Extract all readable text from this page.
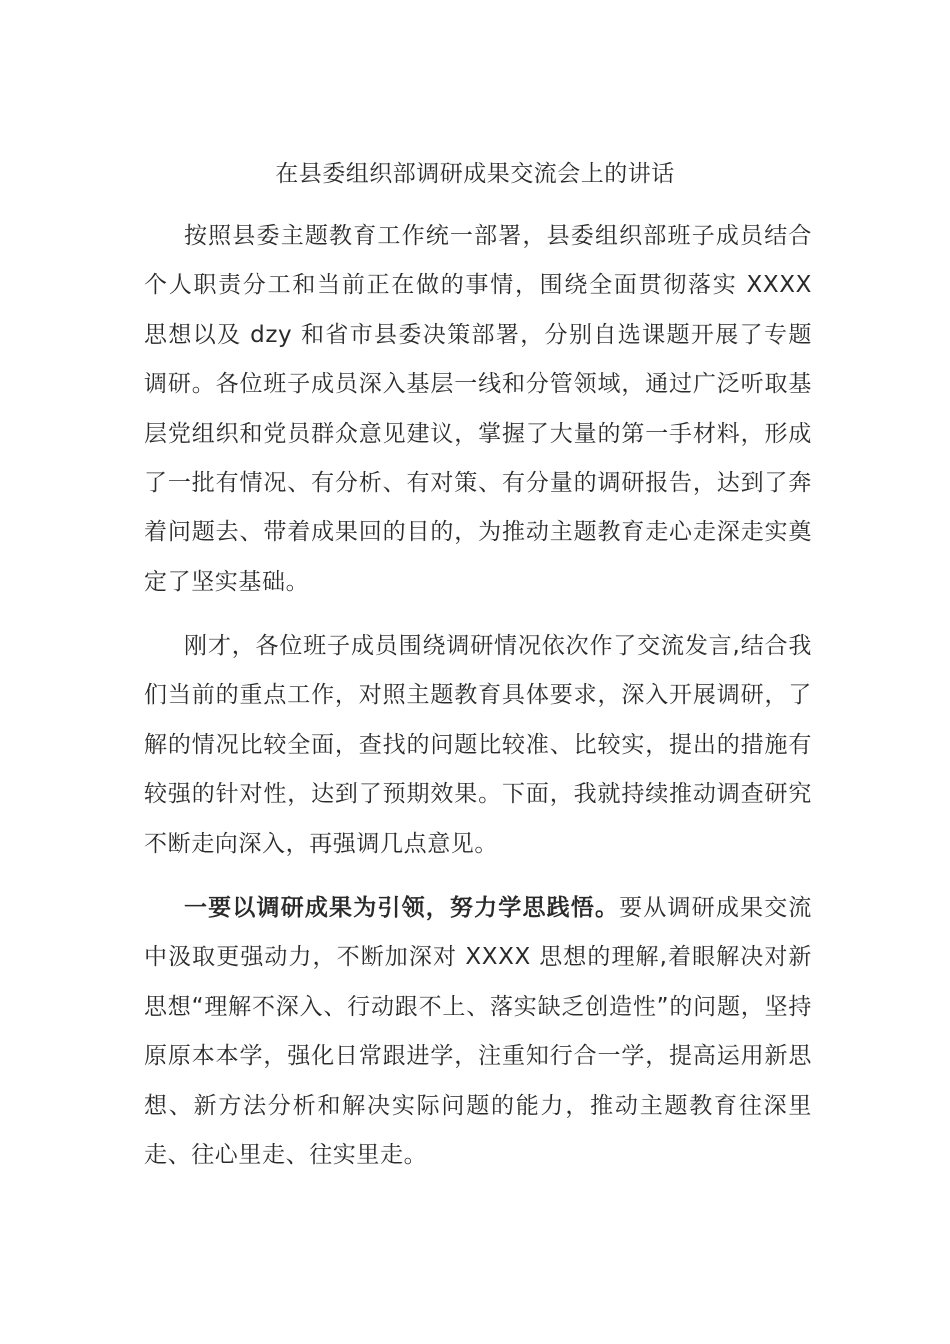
在县委组织部调研成果交流会上的讲话

按照县委主题教育工作统一部署，县委组织部班子成员结合个人职责分工和当前正在做的事情，围绕全面贯彻落实 XXXX 思想以及 dzy 和省市县委决策部署，分别自选课题开展了专题调研。各位班子成员深入基层一线和分管领域，通过广泛听取基层党组织和党员群众意见建议，掌握了大量的第一手材料，形成了一批有情况、有分析、有对策、有分量的调研报告，达到了奔着问题去、带着成果回的目的，为推动主题教育走心走深走实奠定了坚实基础。

刚才，各位班子成员围绕调研情况依次作了交流发言,结合我们当前的重点工作，对照主题教育具体要求，深入开展调研，了解的情况比较全面，查找的问题比较准、比较实，提出的措施有较强的针对性，达到了预期效果。下面，我就持续推动调查研究不断走向深入，再强调几点意见。

一要以调研成果为引领，努力学思践悟。要从调研成果交流中汲取更强动力，不断加深对 XXXX 思想的理解,着眼解决对新思想“理解不深入、行动跟不上、落实缺乏创造性”的问题，坚持原原本本学，强化日常跟进学，注重知行合一学，提高运用新思想、新方法分析和解决实际问题的能力，推动主题教育往深里走、往心里走、往实里走。
